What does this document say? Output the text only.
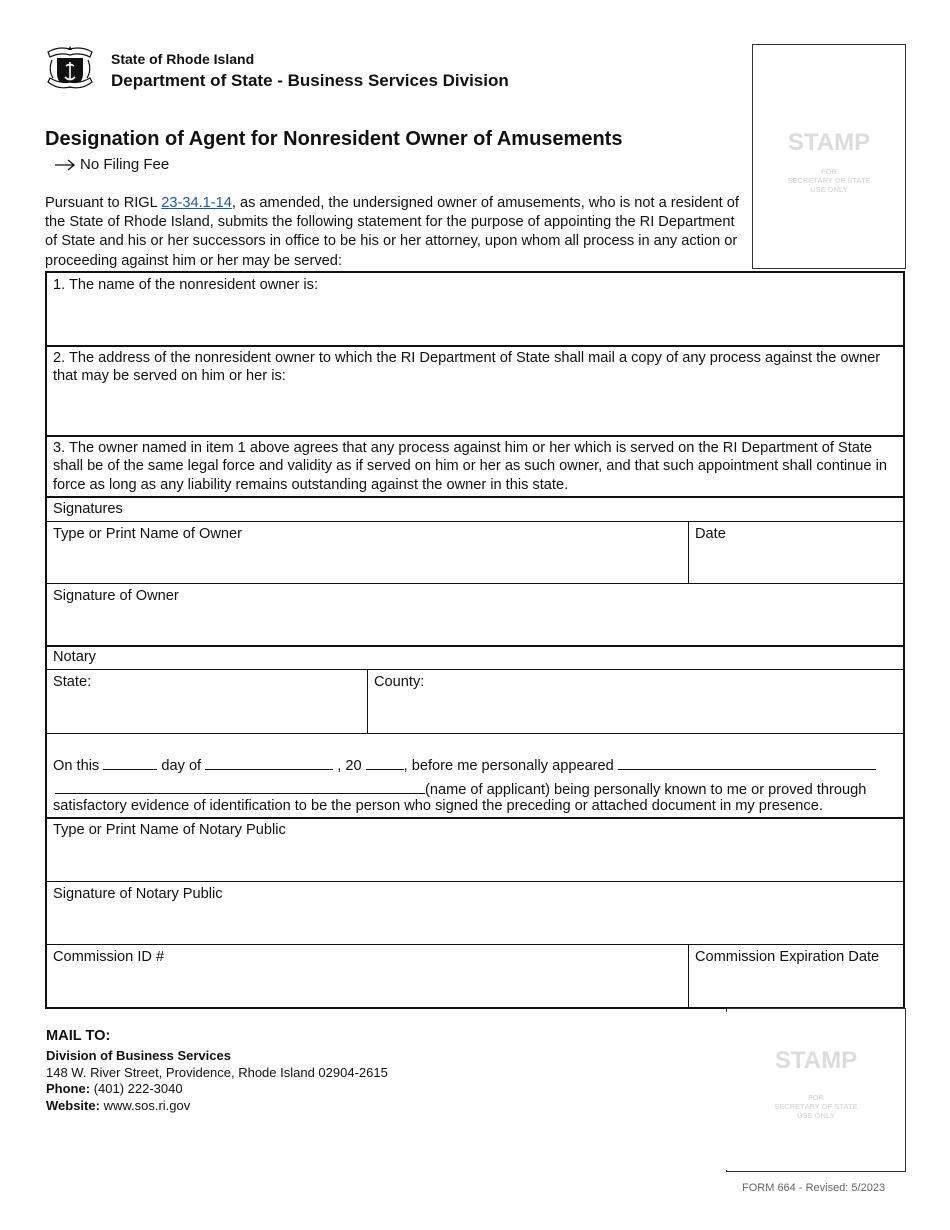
State of Rhode Island
Department of State - Business Services Division
STAMP
FOR
SECRETARY OF STATE
USE ONLY
Designation of Agent for Nonresident Owner of Amusements
No Filing Fee
Pursuant to RIGL 23-34.1-14, as amended, the undersigned owner of amusements, who is not a resident of the State of Rhode Island, submits the following statement for the purpose of appointing the RI Department of State and his or her successors in office to be his or her attorney, upon whom all process in any action or proceeding against him or her may be served:
1. The name of the nonresident owner is:
2. The address of the nonresident owner to which the RI Department of State shall mail a copy of any process against the owner that may be served on him or her is:
3. The owner named in item 1 above agrees that any process against him or her which is served on the RI Department of State shall be of the same legal force and validity as if served on him or her as such owner, and that such appointment shall continue in force as long as any liability remains outstanding against the owner in this state.
Signatures
Type or Print Name of Owner	Date
Signature of Owner
Notary
State:	County:
On this	day of	, 20	, before me personally appeared
(name of applicant) being personally known to me or proved through
satisfactory evidence of identification to be the person who signed the preceding or attached document in my presence.
Type or Print Name of Notary Public
Signature of Notary Public
Commission ID #	Commission Expiration Date
MAIL TO:
Division of Business Services
148 W. River Street, Providence, Rhode Island 02904-2615
Phone: (401) 222-3040
Website: www.sos.ri.gov
STAMP
FOR
SECRETARY OF STATE
USE ONLY
FORM 664 - Revised: 5/2023
